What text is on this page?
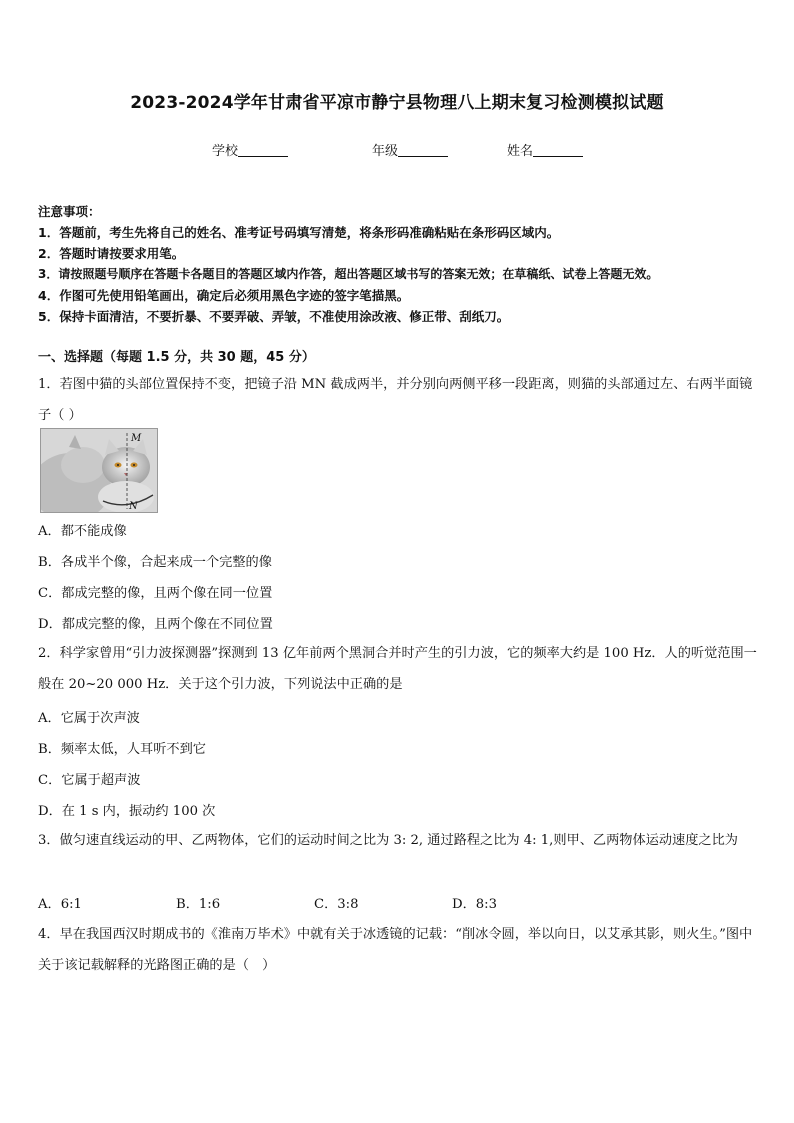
2023-2024学年甘肃省平凉市静宁县物理八上期末复习检测模拟试题
学校	年级	姓名
注意事项：
1．答题前，考生先将自己的姓名、准考证号码填写清楚，将条形码准确粘贴在条形码区域内。
2．答题时请按要求用笔。
3．请按照题号顺序在答题卡各题目的答题区域内作答，超出答题区域书写的答案无效；在草稿纸、试卷上答题无效。
4．作图可先使用铅笔画出，确定后必须用黑色字迹的签字笔描黑。
5．保持卡面清洁，不要折暴、不要弄破、弄皱，不准使用涂改液、修正带、刮纸刀。
一、选择题（每题 1.5 分，共 30 题，45 分）
1．若图中猫的头部位置保持不变，把镜子沿 MN 截成两半，并分别向两侧平移一段距离，则猫的头部通过左、右两半面镜子（ ）
M
N
A．都不能成像
B．各成半个像，合起来成一个完整的像
C．都成完整的像，且两个像在同一位置
D．都成完整的像，且两个像在不同位置
2．科学家曾用“引力波探测器”探测到 13 亿年前两个黑洞合并时产生的引力波，它的频率大约是 100 Hz．人的听觉范围一般在 20~20 000 Hz．关于这个引力波，下列说法中正确的是
A．它属于次声波
B．频率太低，人耳听不到它
C．它属于超声波
D．在 1 s 内，振动约 100 次
3．做匀速直线运动的甲、乙两物体，它们的运动时间之比为 3: 2, 通过路程之比为 4: 1,则甲、乙两物体运动速度之比为
A．6:1	B．1:6	C．3:8	D．8:3
4．早在我国西汉时期成书的《淮南万毕术》中就有关于冰透镜的记载：“削冰令圆，举以向日，以艾承其影，则火生。”图中关于该记载解释的光路图正确的是（　）
